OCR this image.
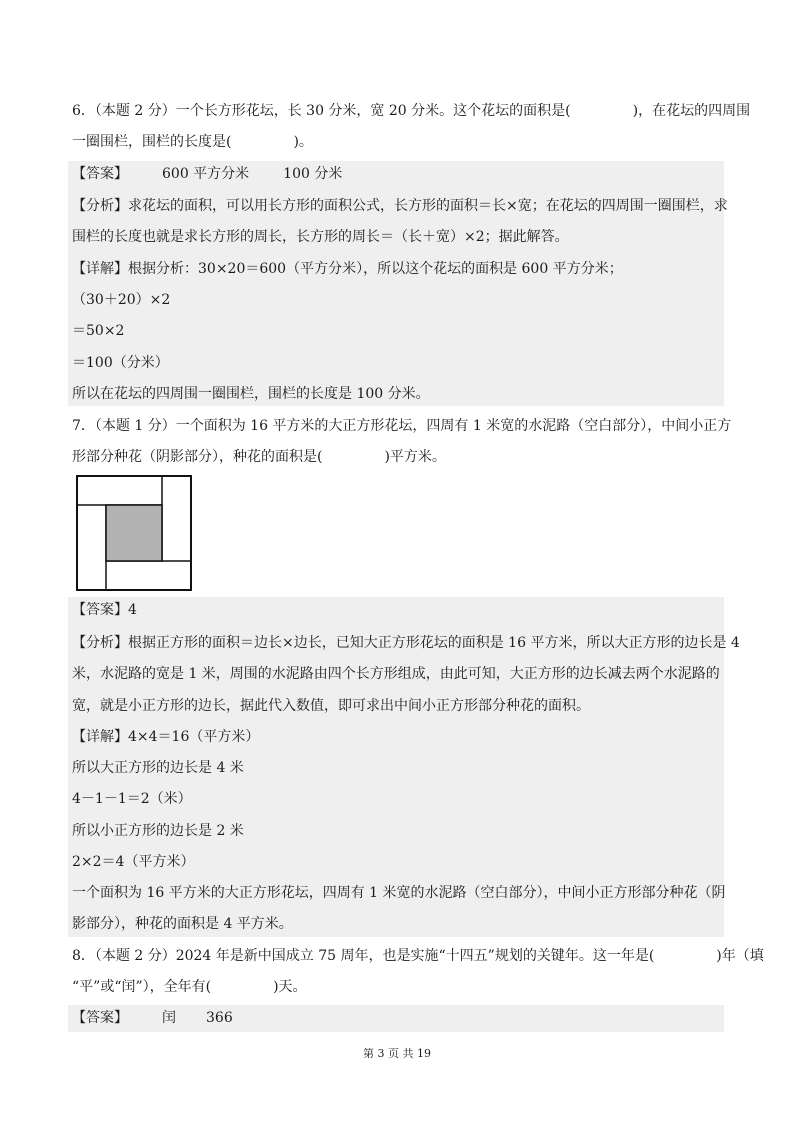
6．（本题 2 分）一个长方形花坛，长 30 分米，宽 20 分米。这个花坛的面积是(	)，在花坛的四周围
一圈围栏，围栏的长度是(	)。
【答案】 600 平方分米 100 分米
【分析】求花坛的面积，可以用长方形的面积公式，长方形的面积＝长×宽；在花坛的四周围一圈围栏，求
围栏的长度也就是求长方形的周长，长方形的周长＝（长＋宽）×2；据此解答。
【详解】根据分析：30×20＝600（平方分米），所以这个花坛的面积是 600 平方分米；
（30＋20）×2
＝50×2
＝100（分米）
所以在花坛的四周围一圈围栏，围栏的长度是 100 分米。
7．（本题 1 分）一个面积为 16 平方米的大正方形花坛，四周有 1 米宽的水泥路（空白部分），中间小正方
形部分种花（阴影部分），种花的面积是(	)平方米。
【答案】4
【分析】根据正方形的面积＝边长×边长，已知大正方形花坛的面积是 16 平方米，所以大正方形的边长是 4
米，水泥路的宽是 1 米，周围的水泥路由四个长方形组成，由此可知，大正方形的边长减去两个水泥路的
宽，就是小正方形的边长，据此代入数值，即可求出中间小正方形部分种花的面积。
【详解】4×4＝16（平方米）
所以大正方形的边长是 4 米
4－1－1＝2（米）
所以小正方形的边长是 2 米
2×2＝4（平方米）
一个面积为 16 平方米的大正方形花坛，四周有 1 米宽的水泥路（空白部分），中间小正方形部分种花（阴
影部分），种花的面积是 4 平方米。
8．（本题 2 分）2024 年是新中国成立 75 周年，也是实施“十四五”规划的关键年。这一年是(	)年（填
“平”或“闰”），全年有(	)天。
【答案】 闰 366
第 3 页 共 19
